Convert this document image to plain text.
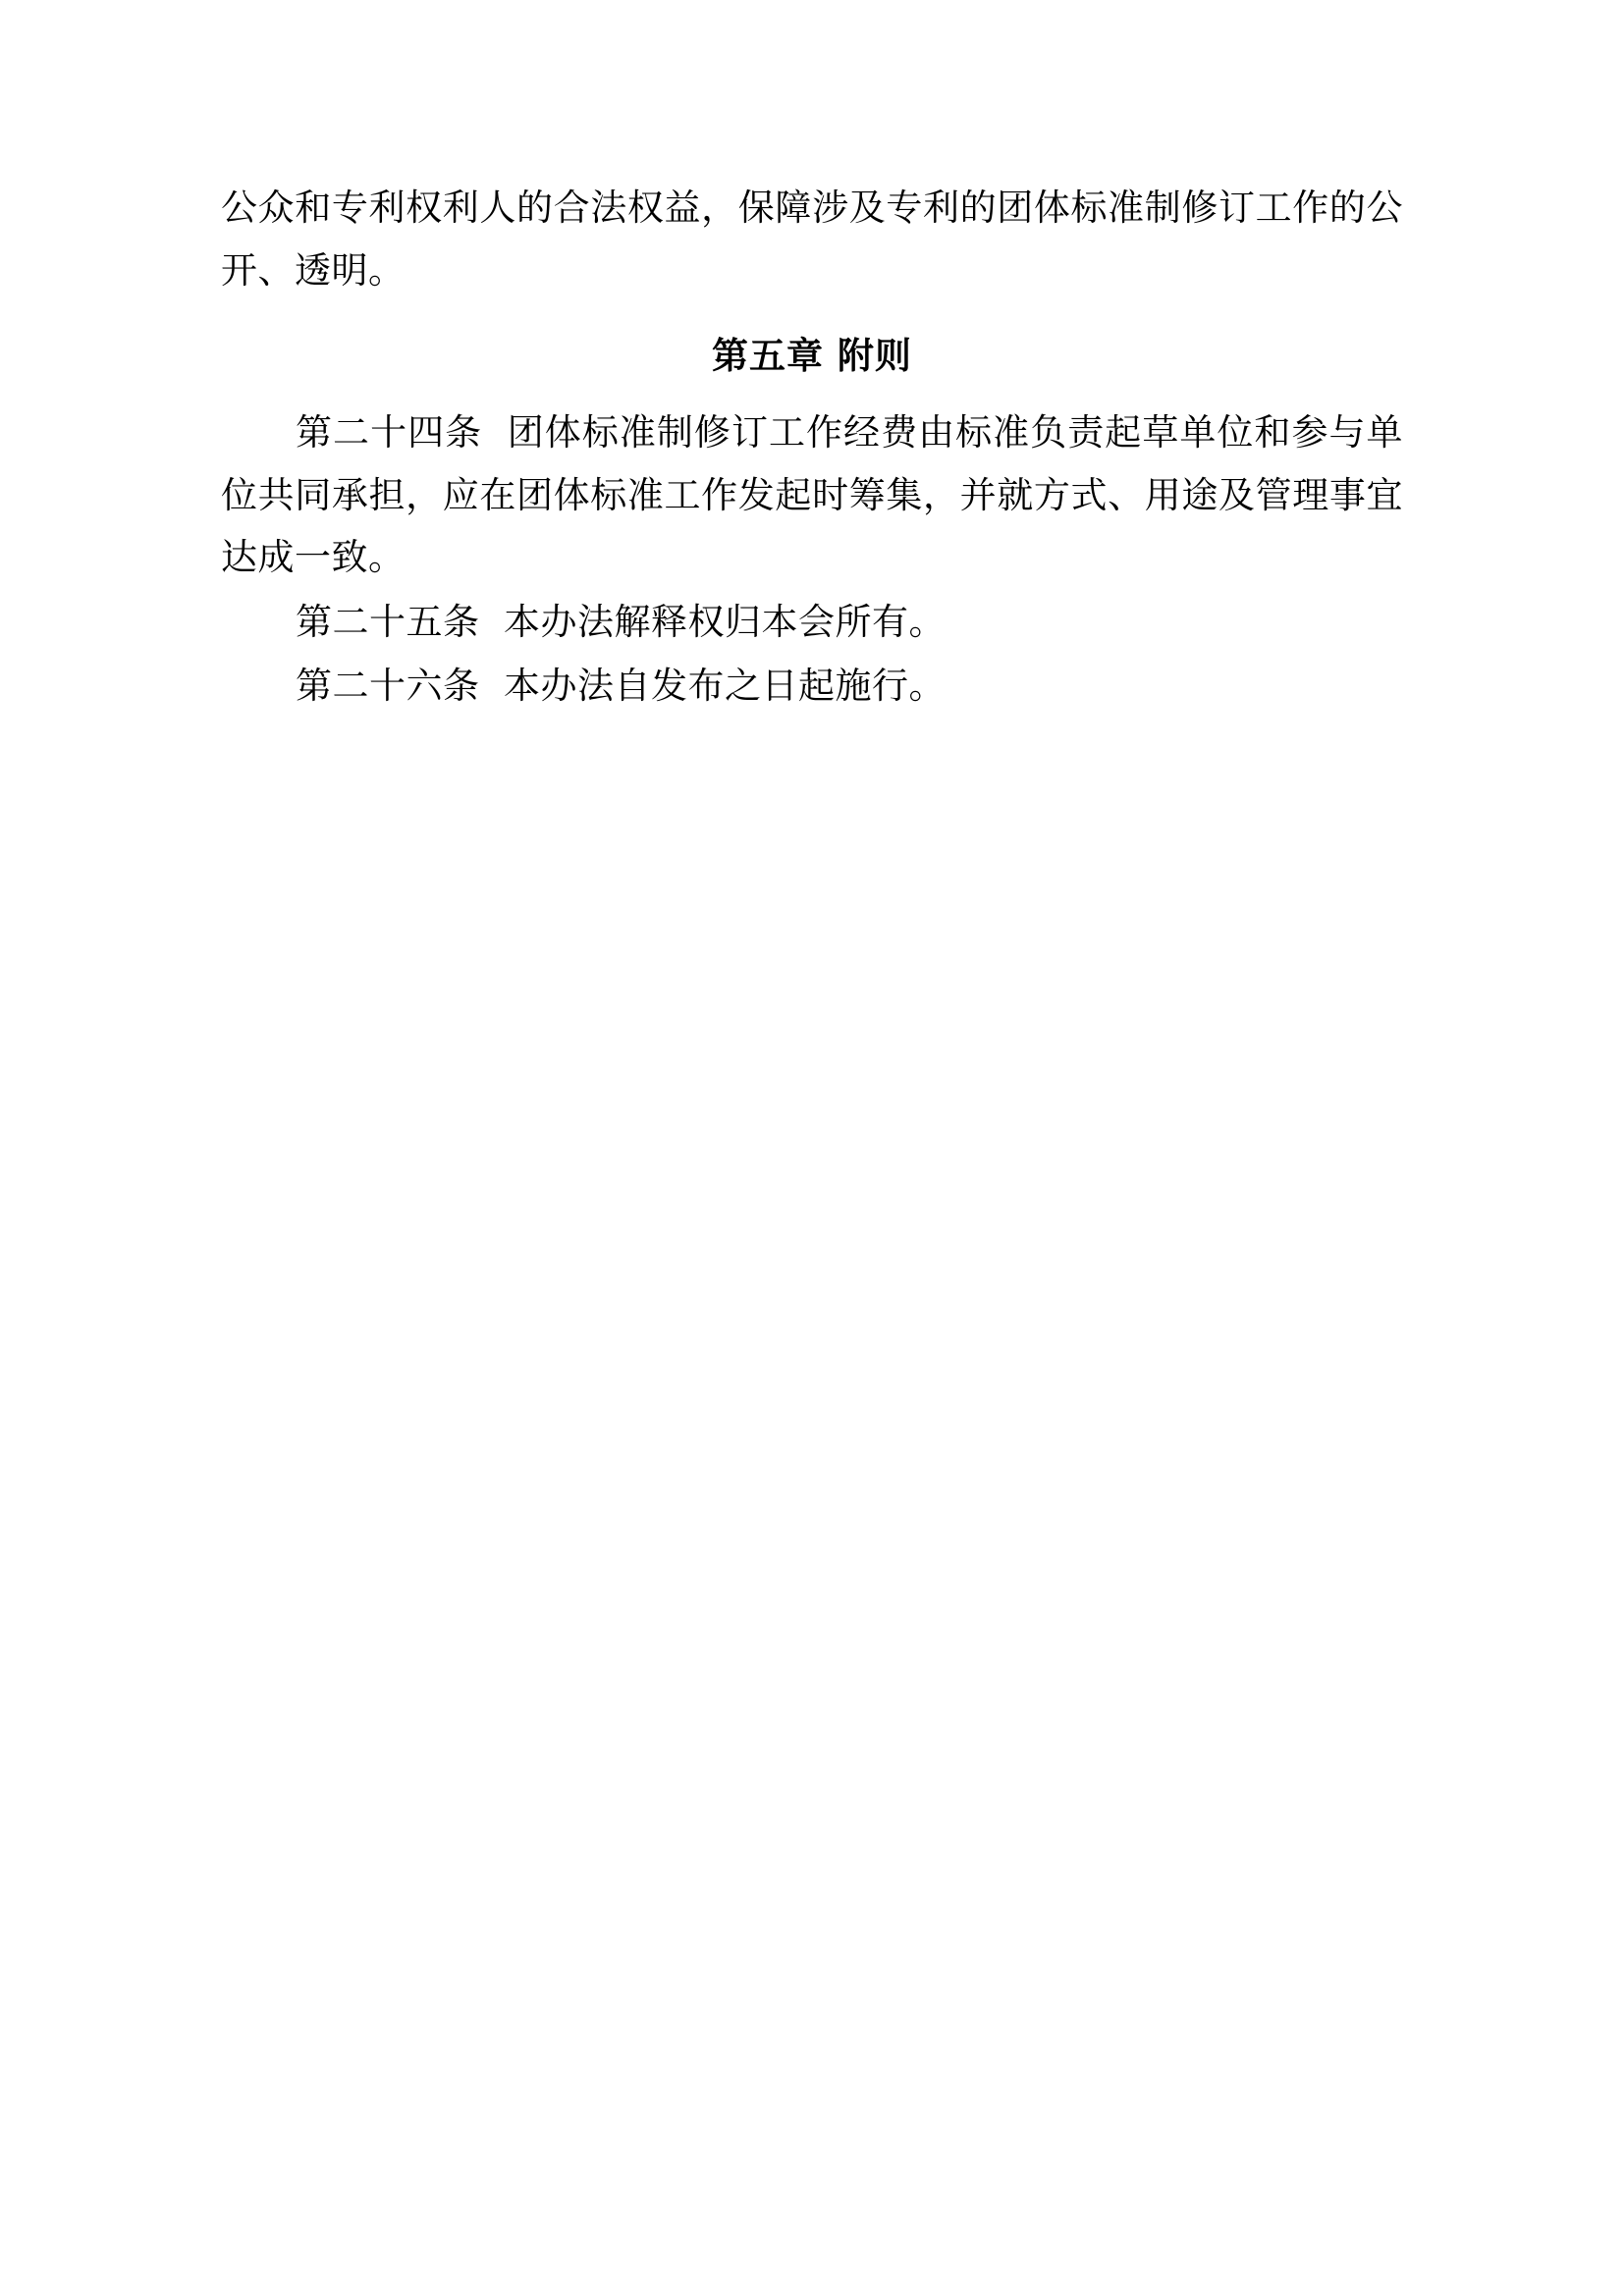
公众和专利权利人的合法权益，保障涉及专利的团体标准制修订工作的公开、透明。

第五章 附则

第二十四条 团体标准制修订工作经费由标准负责起草单位和参与单位共同承担，应在团体标准工作发起时筹集，并就方式、用途及管理事宜达成一致。

第二十五条 本办法解释权归本会所有。

第二十六条 本办法自发布之日起施行。
